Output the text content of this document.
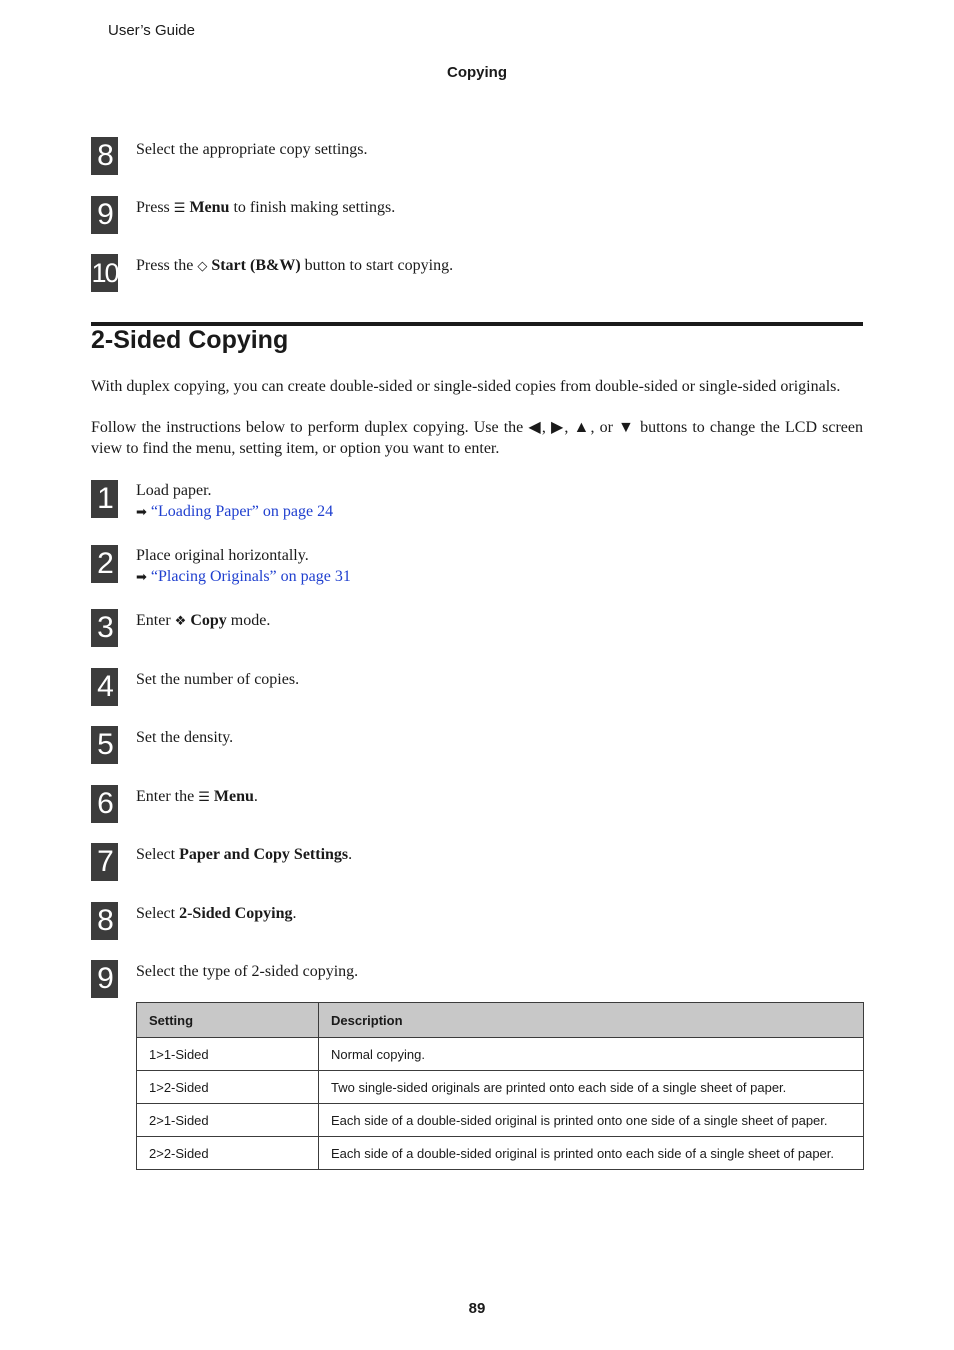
User’s Guide
Copying
8	Select the appropriate copy settings.
9	Press ☰ Menu to finish making settings.
10 Press the ◇ Start (B&W) button to start copying.
2-Sided Copying
With duplex copying, you can create double-sided or single-sided copies from double-sided or single-sided originals.
Follow the instructions below to perform duplex copying. Use the ◀, ▶, ▲, or ▼ buttons to change the LCD screen view to find the menu, setting item, or option you want to enter.
1	Load paper.
➡ “Loading Paper” on page 24
2	Place original horizontally.
➡ “Placing Originals” on page 31
3	Enter ❖ Copy mode.
4	Set the number of copies.
5	Set the density.
6	Enter the ☰ Menu.
7	Select Paper and Copy Settings.
8	Select 2-Sided Copying.
9	Select the type of 2-sided copying.
Setting	Description
1>1-Sided	Normal copying.
1>2-Sided	Two single-sided originals are printed onto each side of a single sheet of paper.
2>1-Sided	Each side of a double-sided original is printed onto one side of a single sheet of paper.
2>2-Sided	Each side of a double-sided original is printed onto each side of a single sheet of paper.
89
